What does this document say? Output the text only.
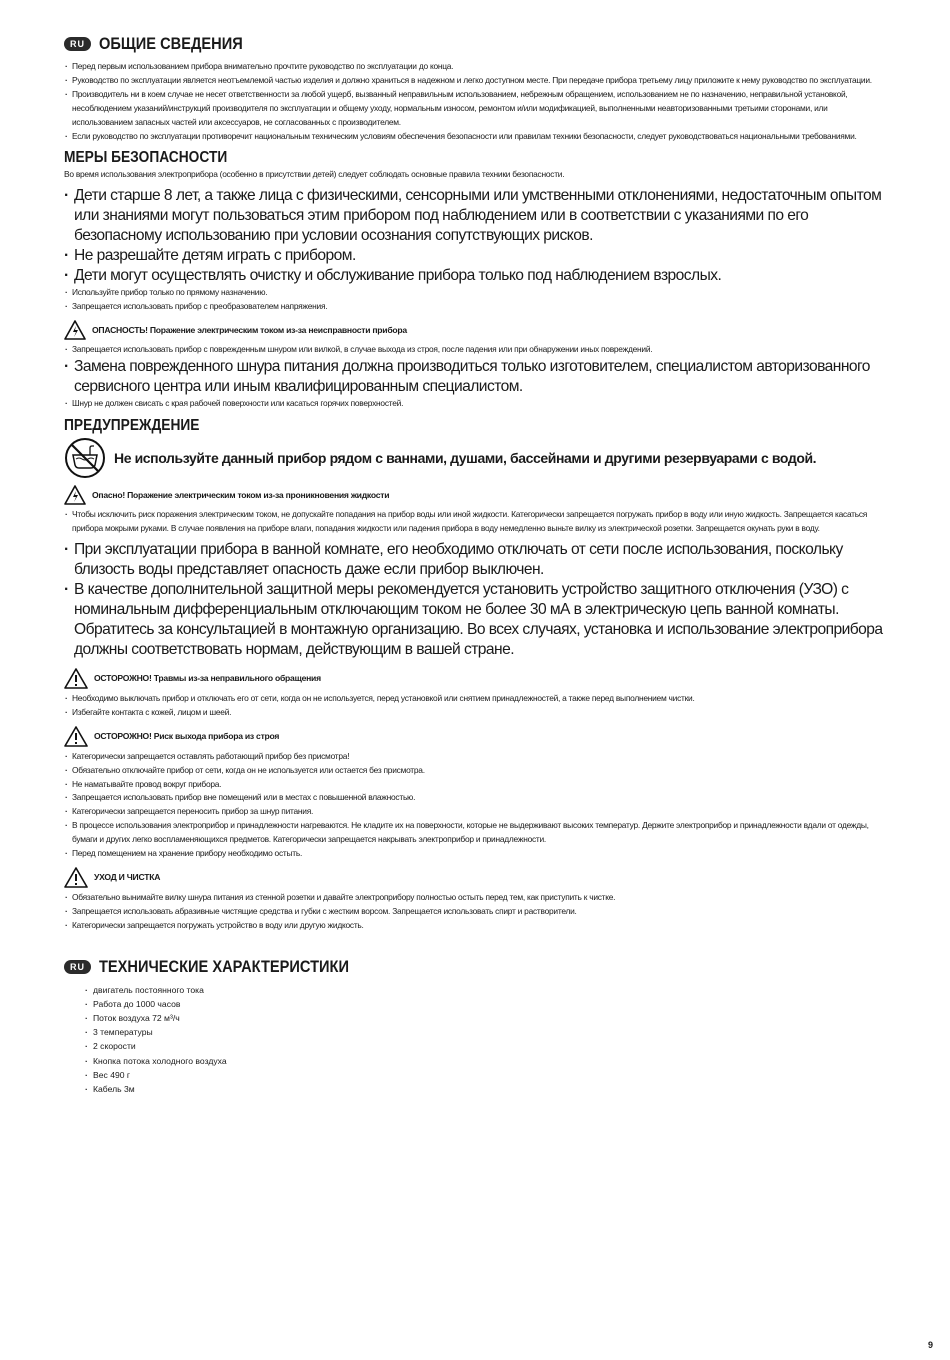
RU ОБЩИЕ СВЕДЕНИЯ
· Перед первым использованием прибора внимательно прочтите руководство по эксплуатации до конца.
· Руководство по эксплуатации является неотъемлемой частью изделия и должно храниться в надежном и легко доступном месте. При передаче прибора третьему лицу приложите к нему руководство по эксплуатации.
· Производитель ни в коем случае не несет ответственности за любой ущерб, вызванный неправильным использованием, небрежным обращением, использованием не по назначению, неправильной установкой, несоблюдением указаний/инструкций производителя по эксплуатации и общему уходу, нормальным износом, ремонтом и/или модификацией, выполненными неавторизованными третьими сторонами, или использованием запасных частей или аксессуаров, не согласованных с производителем.
· Если руководство по эксплуатации противоречит национальным техническим условиям обеспечения безопасности или правилам техники безопасности, следует руководствоваться национальными требованиями.
МЕРЫ БЕЗОПАСНОСТИ

Во время использования электроприбора (особенно в присутствии детей) следует соблюдать основные правила техники безопасности.

· Дети старше 8 лет, а также лица с физическими, сенсорными или умственными отклонениями, недостаточным опытом или знаниями могут пользоваться этим прибором под наблюдением или в соответствии с указаниями по его безопасному использованию при условии осознания сопутствующих рисков.
· Не разрешайте детям играть с прибором.
· Дети могут осуществлять очистку и обслуживание прибора только под наблюдением взрослых.
· Используйте прибор только по прямому назначению.
· Запрещается использовать прибор с преобразователем напряжения.
ОПАСНОСТЬ! Поражение электрическим током из-за неисправности прибора
· Запрещается использовать прибор с поврежденным шнуром или вилкой, в случае выхода из строя, после падения или при обнаружении иных повреждений.
· Замена поврежденного шнура питания должна производиться только изготовителем, специалистом авторизованного сервисного центра или иным квалифицированным специалистом.
· Шнур не должен свисать с края рабочей поверхности или касаться горячих поверхностей.
ПРЕДУПРЕЖДЕНИЕ
Не используйте данный прибор рядом с ваннами, душами, бассейнами и другими резервуарами с водой.
Опасно! Поражение электрическим током из-за проникновения жидкости
· Чтобы исключить риск поражения электрическим током, не допускайте попадания на прибор воды или иной жидкости. Категорически запрещается погружать прибор в воду или иную жидкость. Запрещается касаться прибора мокрыми руками. В случае появления на приборе влаги, попадания жидкости или падения прибора в воду немедленно выньте вилку из электрической розетки. Запрещается окунать руки в воду.
· При эксплуатации прибора в ванной комнате, его необходимо отключать от сети после использования, поскольку близость воды представляет опасность даже если прибор выключен.
· В качестве дополнительной защитной меры рекомендуется установить устройство защитного отключения (УЗО) с номинальным дифференциальным отключающим током не более 30 мА в электрическую цепь ванной комнаты. Обратитесь за консультацией в монтажную организацию. Во всех случаях, установка и использование электроприбора должны соответствовать нормам, действующим в вашей стране.
ОСТОРОЖНО! Травмы из-за неправильного обращения
· Необходимо выключать прибор и отключать его от сети, когда он не используется, перед установкой или снятием принадлежностей, а также перед выполнением чистки.
· Избегайте контакта с кожей, лицом и шеей.
ОСТОРОЖНО! Риск выхода прибора из строя
· Категорически запрещается оставлять работающий прибор без присмотра!
· Обязательно отключайте прибор от сети, когда он не используется или остается без присмотра.
· Не наматывайте провод вокруг прибора.
· Запрещается использовать прибор вне помещений или в местах с повышенной влажностью.
· Категорически запрещается переносить прибор за шнур питания.
· В процессе использования электроприбор и принадлежности нагреваются. Не кладите их на поверхности, которые не выдерживают высоких температур. Держите электроприбор и принадлежности вдали от одежды, бумаги и других легко воспламеняющихся предметов. Категорически запрещается накрывать электроприбор и принадлежности.
· Перед помещением на хранение прибору необходимо остыть.
УХОД И ЧИСТКА
· Обязательно вынимайте вилку шнура питания из стенной розетки и давайте электроприбору полностью остыть перед тем, как приступить к чистке.
· Запрещается использовать абразивные чистящие средства и губки с жестким ворсом. Запрещается использовать спирт и растворители.
· Категорически запрещается погружать устройство в воду или другую жидкость.
RU ТЕХНИЧЕСКИЕ ХАРАКТЕРИСТИКИ
· двигатель постоянного тока
· Работа до 1000 часов
· Поток воздуха 72 м³/ч
· 3 температуры
· 2 скорости
· Кнопка потока холодного воздуха
· Вес 490 г
· Кабель 3м
9
